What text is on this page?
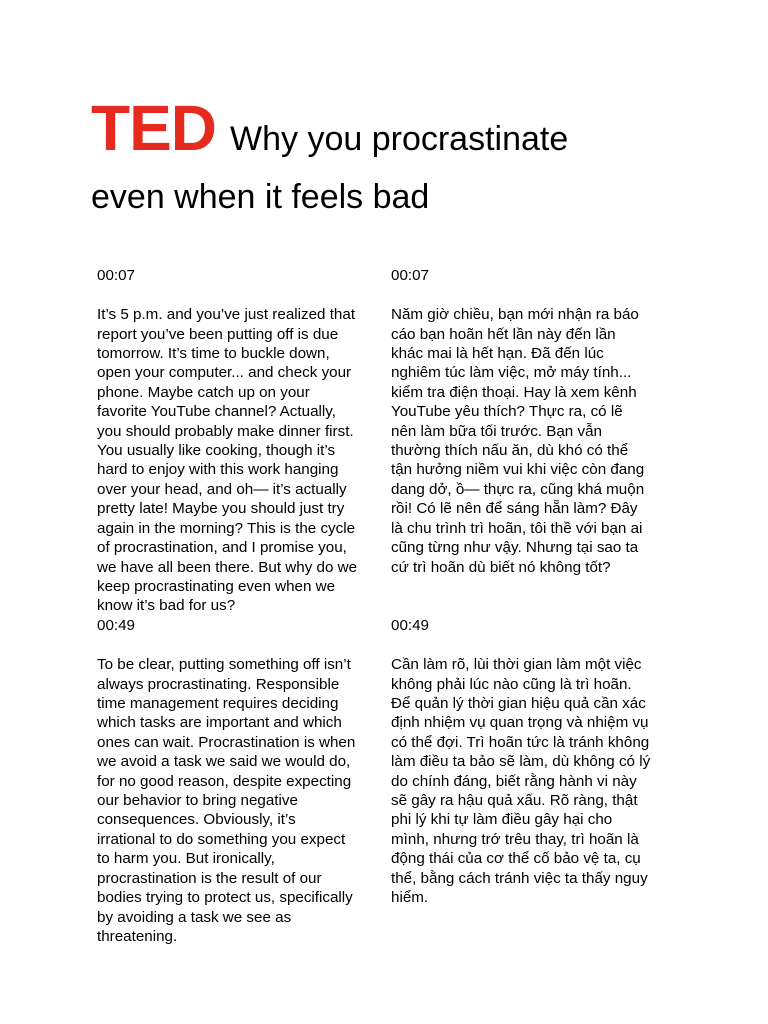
TED Why you procrastinate
even when it feels bad

00:07

It’s 5 p.m. and you’ve just realized that
report you’ve been putting off is due
tomorrow. It’s time to buckle down,
open your computer... and check your
phone. Maybe catch up on your
favorite YouTube channel? Actually,
you should probably make dinner first.
You usually like cooking, though it’s
hard to enjoy with this work hanging
over your head, and oh— it’s actually
pretty late! Maybe you should just try
again in the morning? This is the cycle
of procrastination, and I promise you,
we have all been there. But why do we
keep procrastinating even when we
know it’s bad for us?

00:07

Năm giờ chiều, bạn mới nhận ra báo
cáo bạn hoãn hết lần này đến lần
khác mai là hết hạn. Đã đến lúc
nghiêm túc làm việc, mở máy tính...
kiểm tra điện thoại. Hay là xem kênh
YouTube yêu thích? Thực ra, có lẽ
nên làm bữa tối trước. Bạn vẫn
thường thích nấu ăn, dù khó có thể
tận hưởng niềm vui khi việc còn đang
dang dở, ồ— thực ra, cũng khá muộn
rồi! Có lẽ nên để sáng hẵn làm? Đây
là chu trình trì hoãn, tôi thề với bạn ai
cũng từng như vậy. Nhưng tại sao ta
cứ trì hoãn dù biết nó không tốt?

00:49

To be clear, putting something off isn’t
always procrastinating. Responsible
time management requires deciding
which tasks are important and which
ones can wait. Procrastination is when
we avoid a task we said we would do,
for no good reason, despite expecting
our behavior to bring negative
consequences. Obviously, it’s
irrational to do something you expect
to harm you. But ironically,
procrastination is the result of our
bodies trying to protect us, specifically
by avoiding a task we see as
threatening.

00:49

Cần làm rõ, lùi thời gian làm một việc
không phải lúc nào cũng là trì hoãn.
Để quản lý thời gian hiệu quả cần xác
định nhiệm vụ quan trọng và nhiệm vụ
có thể đợi. Trì hoãn tức là tránh không
làm điều ta bảo sẽ làm, dù không có lý
do chính đáng, biết rằng hành vi này
sẽ gây ra hậu quả xấu. Rõ ràng, thật
phi lý khi tự làm điều gây hại cho
mình, nhưng trớ trêu thay, trì hoãn là
động thái của cơ thể cố bảo vệ ta, cụ
thể, bằng cách tránh việc ta thấy nguy
hiểm.
